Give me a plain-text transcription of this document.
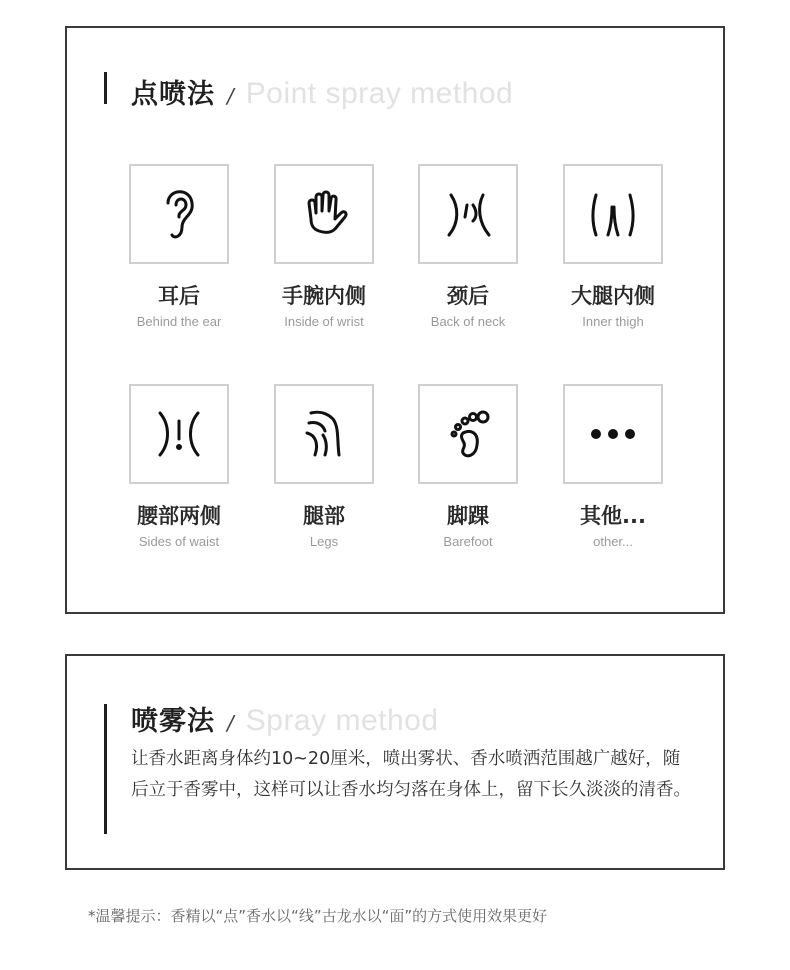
点喷法 / Point spray method
耳后
Behind the ear
手腕内侧
Inside of wrist
颈后
Back of neck
大腿内侧
Inner thigh
腰部两侧
Sides of waist
腿部
Legs
脚踝
Barefoot
其他...
other...
喷雾法 / Spray method
让香水距离身体约10~20厘米，喷出雾状、香水喷洒范围越广越好，随后立于香雾中，这样可以让香水均匀落在身体上，留下长久淡淡的清香。
*温馨提示：香精以“点”香水以“线”古龙水以“面”的方式使用效果更好
